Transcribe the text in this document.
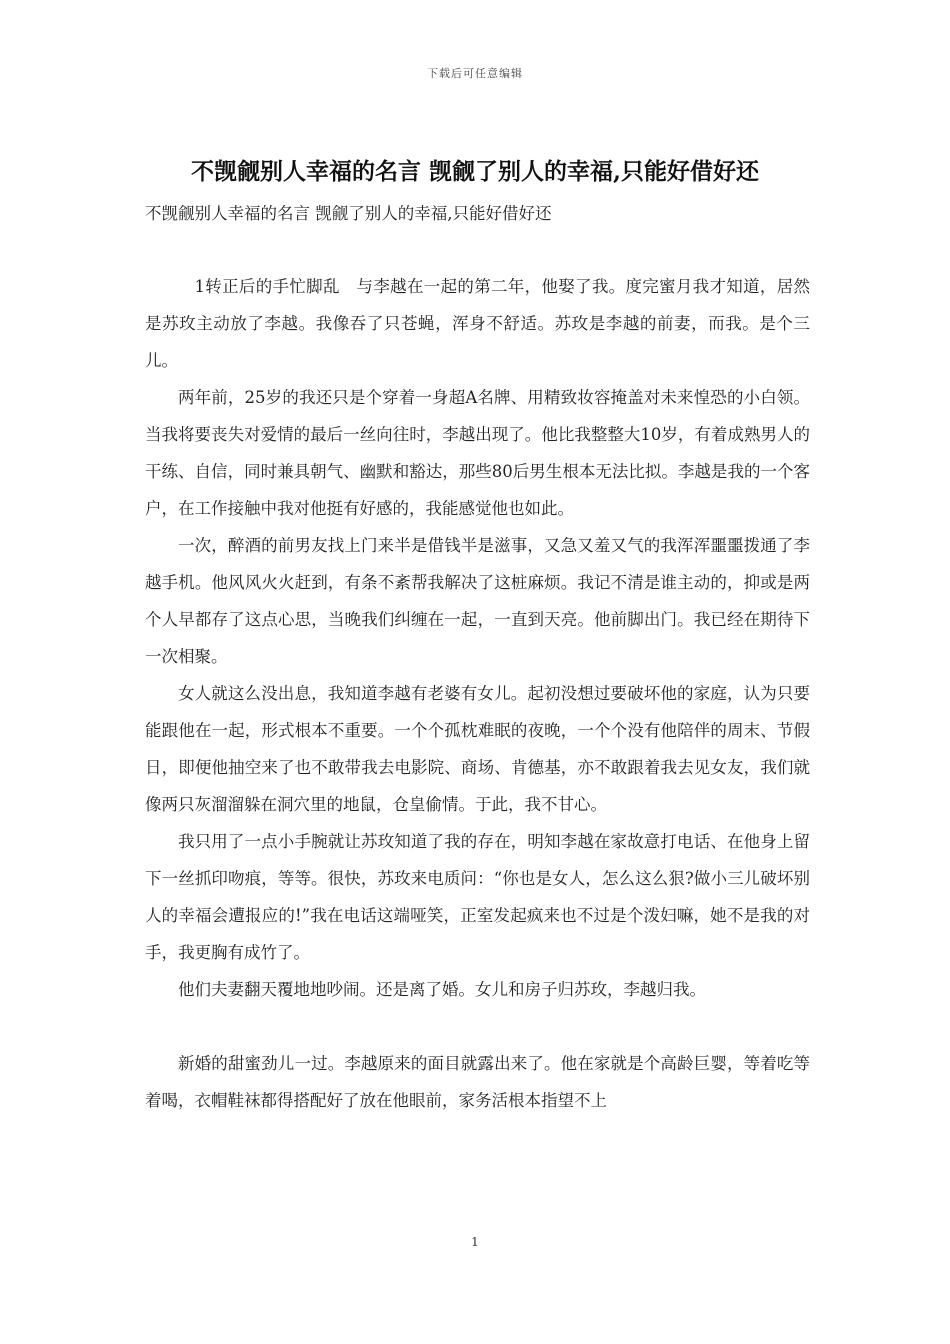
下载后可任意编辑
不觊觎别人幸福的名言 觊觎了别人的幸福,只能好借好还
不觊觎别人幸福的名言 觊觎了别人的幸福,只能好借好还

1转正后的手忙脚乱　与李越在一起的第二年，他娶了我。度完蜜月我才知道，居然是苏玫主动放了李越。我像吞了只苍蝇，浑身不舒适。苏玫是李越的前妻，而我。是个三儿。

两年前，25岁的我还只是个穿着一身超A名牌、用精致妆容掩盖对未来惶恐的小白领。当我将要丧失对爱情的最后一丝向往时，李越出现了。他比我整整大10岁，有着成熟男人的干练、自信，同时兼具朝气、幽默和豁达，那些80后男生根本无法比拟。李越是我的一个客户，在工作接触中我对他挺有好感的，我能感觉他也如此。

一次，醉酒的前男友找上门来半是借钱半是滋事，又急又羞又气的我浑浑噩噩拨通了李越手机。他风风火火赶到，有条不紊帮我解决了这桩麻烦。我记不清是谁主动的，抑或是两个人早都存了这点心思，当晚我们纠缠在一起，一直到天亮。他前脚出门。我已经在期待下一次相聚。

女人就这么没出息，我知道李越有老婆有女儿。起初没想过要破坏他的家庭，认为只要能跟他在一起，形式根本不重要。一个个孤枕难眠的夜晚，一个个没有他陪伴的周末、节假日，即便他抽空来了也不敢带我去电影院、商场、肯德基，亦不敢跟着我去见女友，我们就像两只灰溜溜躲在洞穴里的地鼠，仓皇偷情。于此，我不甘心。

我只用了一点小手腕就让苏玫知道了我的存在，明知李越在家故意打电话、在他身上留下一丝抓印吻痕，等等。很快，苏玫来电质问：“你也是女人，怎么这么狠?做小三儿破坏别人的幸福会遭报应的!”我在电话这端哑笑，正室发起疯来也不过是个泼妇嘛，她不是我的对手，我更胸有成竹了。

他们夫妻翻天覆地地吵闹。还是离了婚。女儿和房子归苏玫，李越归我。

新婚的甜蜜劲儿一过。李越原来的面目就露出来了。他在家就是个高龄巨婴，等着吃等着喝，衣帽鞋袜都得搭配好了放在他眼前，家务活根本指望不上

1
